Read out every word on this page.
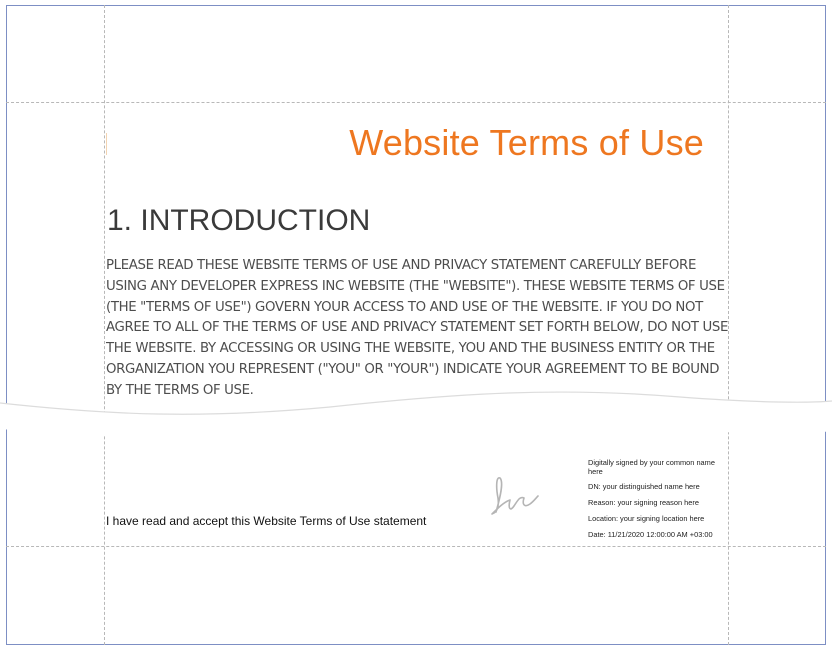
Website Terms of Use
1. INTRODUCTION
PLEASE READ THESE WEBSITE TERMS OF USE AND PRIVACY STATEMENT CAREFULLY BEFORE USING ANY DEVELOPER EXPRESS INC WEBSITE (THE "WEBSITE"). THESE WEBSITE TERMS OF USE (THE "TERMS OF USE") GOVERN YOUR ACCESS TO AND USE OF THE WEBSITE. IF YOU DO NOT AGREE TO ALL OF THE TERMS OF USE AND PRIVACY STATEMENT SET FORTH BELOW, DO NOT USE THE WEBSITE. BY ACCESSING OR USING THE WEBSITE, YOU AND THE BUSINESS ENTITY OR THE ORGANIZATION YOU REPRESENT ("YOU" OR "YOUR") INDICATE YOUR AGREEMENT TO BE BOUND BY THE TERMS OF USE.
I have read and accept this Website Terms of Use statement
Digitally signed by your common name here
DN: your distinguished name here
Reason: your signing reason here
Location: your signing location here
Date: 11/21/2020 12:00:00 AM +03:00
